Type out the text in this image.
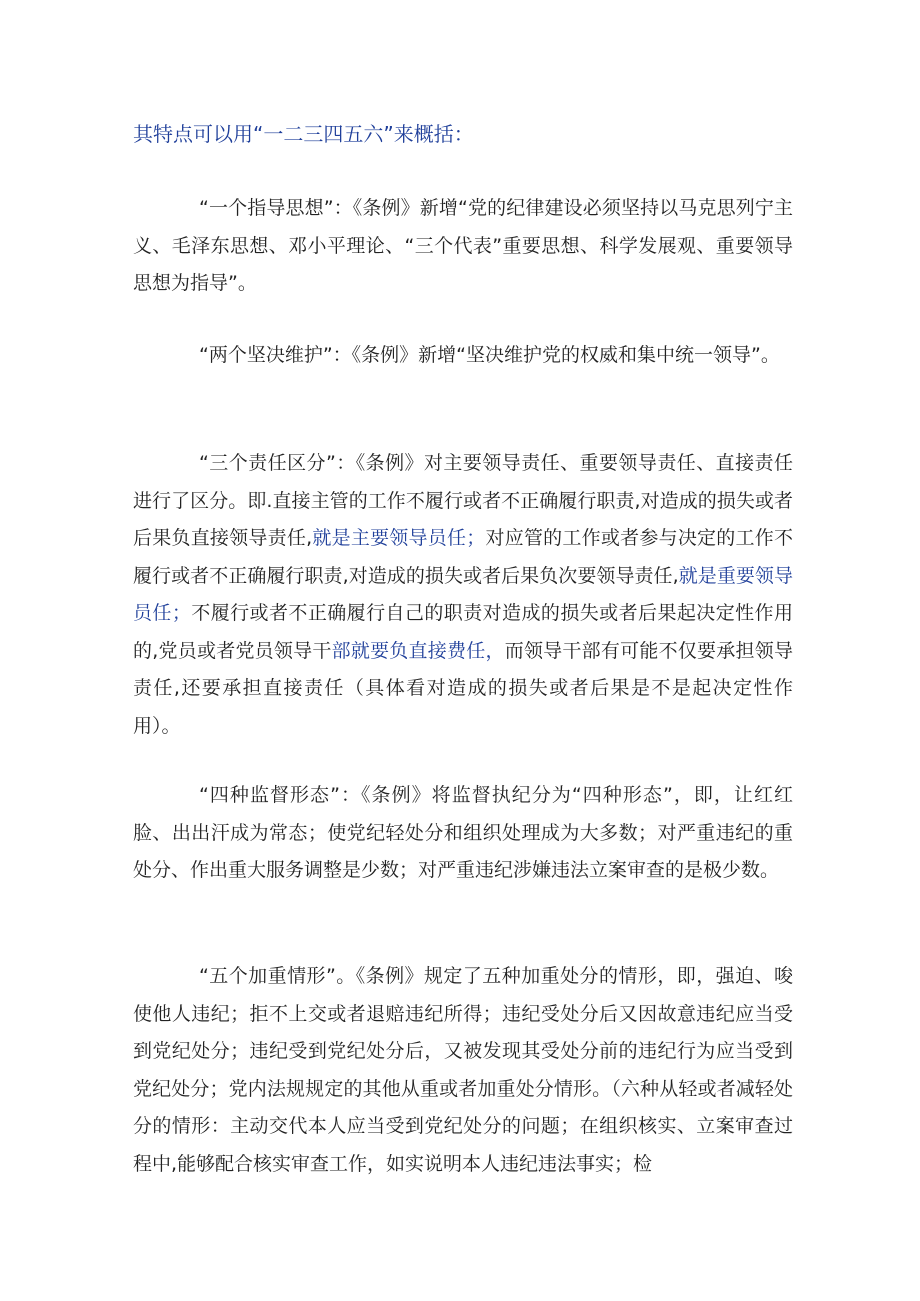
其特点可以用“一二三四五六”来概括：

“一个指导思想”：《条例》新增“党的纪律建设必须坚持以马克思列宁主义、毛泽东思想、邓小平理论、“三个代表”重要思想、科学发展观、重要领导思想为指导”。

“两个坚决维护”：《条例》新增“坚决维护党的权威和集中统一领导”。

“三个责任区分”：《条例》对主要领导责任、重要领导责任、直接责任进行了区分。即.直接主管的工作不履行或者不正确履行职责,对造成的损失或者后果负直接领导责任,就是主要领导员任；对应管的工作或者参与决定的工作不履行或者不正确履行职责,对造成的损失或者后果负次要领导责任,就是重要领导员任；不履行或者不正确履行自己的职责对造成的损失或者后果起决定性作用的,党员或者党员领导干部就要负直接费任，而领导干部有可能不仅要承担领导责任,还要承担直接责任（具体看对造成的损失或者后果是不是起决定性作用）。

“四种监督形态”：《条例》将监督执纪分为“四种形态”，即，让红红脸、出出汗成为常态；使党纪轻处分和组织处理成为大多数；对严重违纪的重处分、作出重大服务调整是少数；对严重违纪涉嫌违法立案审查的是极少数。

“五个加重情形”。《条例》规定了五种加重处分的情形，即，强迫、唆使他人违纪；拒不上交或者退赔违纪所得；违纪受处分后又因故意违纪应当受到党纪处分；违纪受到党纪处分后，又被发现其受处分前的违纪行为应当受到党纪处分；党内法规规定的其他从重或者加重处分情形。（六种从轻或者减轻处分的情形：主动交代本人应当受到党纪处分的问题；在组织核实、立案审查过程中,能够配合核实审查工作，如实说明本人违纪违法事实；检
